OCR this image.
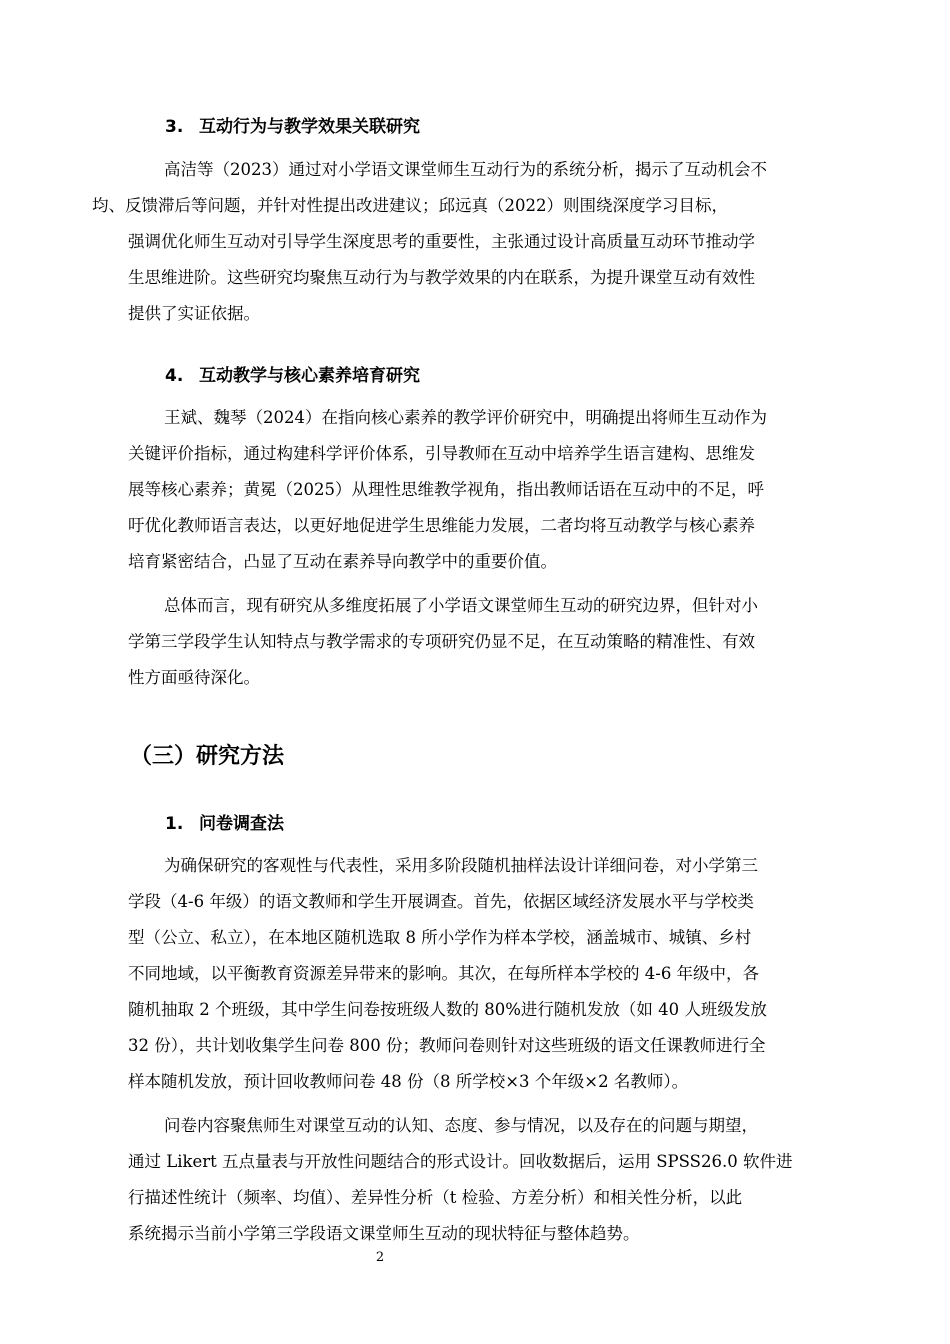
3. 互动行为与教学效果关联研究
高洁等（2023）通过对小学语文课堂师生互动行为的系统分析，揭示了互动机会不
均、反馈滞后等问题，并针对性提出改进建议；邱远真（2022）则围绕深度学习目标，
强调优化师生互动对引导学生深度思考的重要性，主张通过设计高质量互动环节推动学
生思维进阶。这些研究均聚焦互动行为与教学效果的内在联系，为提升课堂互动有效性
提供了实证依据。
4. 互动教学与核心素养培育研究
王斌、魏琴（2024）在指向核心素养的教学评价研究中，明确提出将师生互动作为
关键评价指标，通过构建科学评价体系，引导教师在互动中培养学生语言建构、思维发
展等核心素养；黄冕（2025）从理性思维教学视角，指出教师话语在互动中的不足，呼
吁优化教师语言表达，以更好地促进学生思维能力发展，二者均将互动教学与核心素养
培育紧密结合，凸显了互动在素养导向教学中的重要价值。
总体而言，现有研究从多维度拓展了小学语文课堂师生互动的研究边界，但针对小
学第三学段学生认知特点与教学需求的专项研究仍显不足，在互动策略的精准性、有效
性方面亟待深化。
（三）研究方法
1. 问卷调查法
为确保研究的客观性与代表性，采用多阶段随机抽样法设计详细问卷，对小学第三
学段（4-6 年级）的语文教师和学生开展调查。首先，依据区域经济发展水平与学校类
型（公立、私立），在本地区随机选取 8 所小学作为样本学校，涵盖城市、城镇、乡村
不同地域，以平衡教育资源差异带来的影响。其次，在每所样本学校的 4-6 年级中，各
随机抽取 2 个班级，其中学生问卷按班级人数的 80%进行随机发放（如 40 人班级发放
32 份），共计划收集学生问卷 800 份；教师问卷则针对这些班级的语文任课教师进行全
样本随机发放，预计回收教师问卷 48 份（8 所学校×3 个年级×2 名教师）。
问卷内容聚焦师生对课堂互动的认知、态度、参与情况，以及存在的问题与期望，
通过 Likert 五点量表与开放性问题结合的形式设计。回收数据后，运用 SPSS26.0 软件进
行描述性统计（频率、均值）、差异性分析（t 检验、方差分析）和相关性分析，以此
系统揭示当前小学第三学段语文课堂师生互动的现状特征与整体趋势。
2
